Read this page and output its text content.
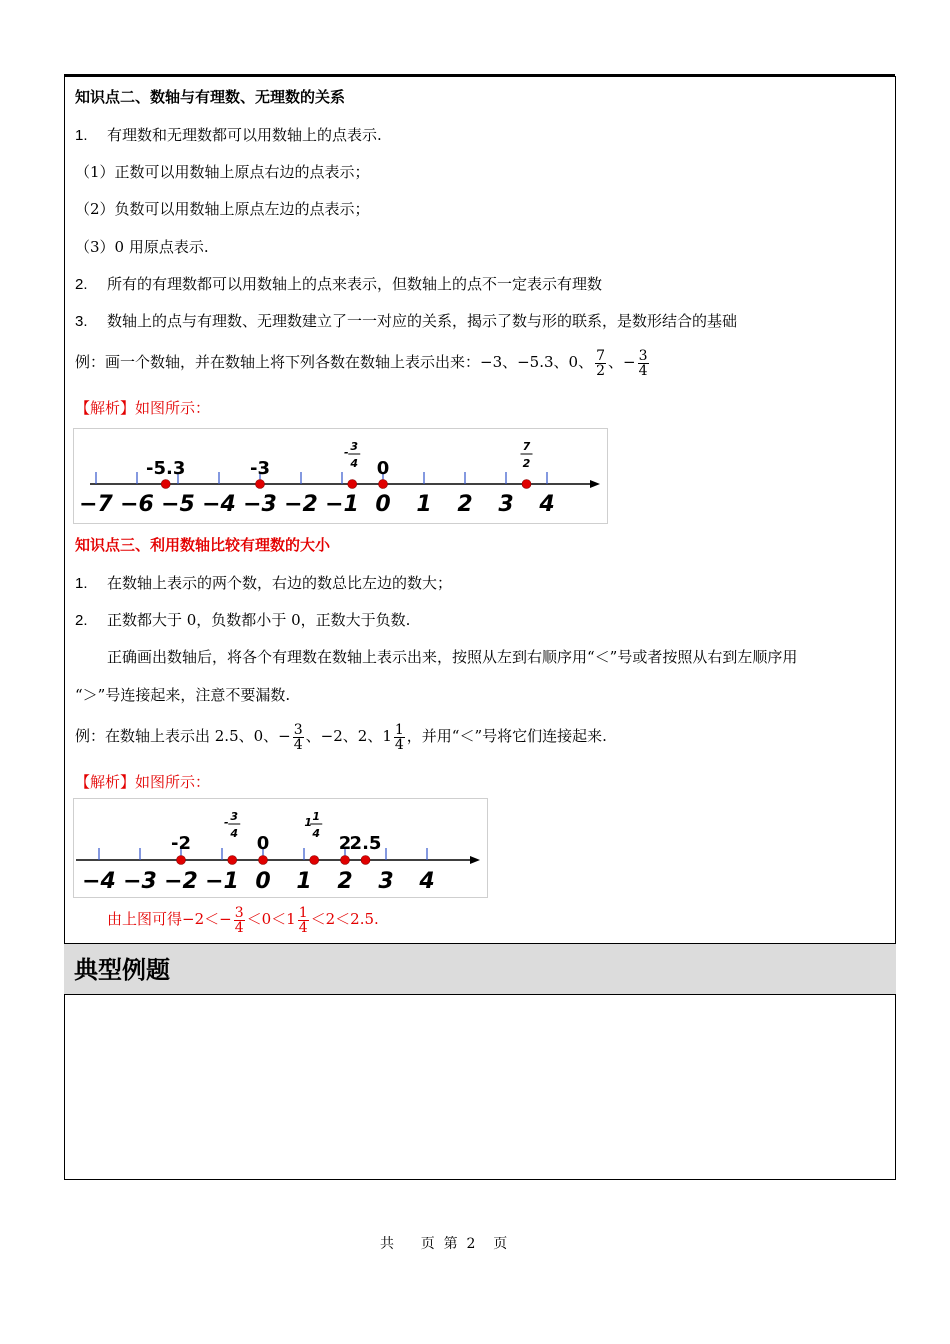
知识点二、数轴与有理数、无理数的关系
1. 有理数和无理数都可以用数轴上的点表示.
（1）正数可以用数轴上原点右边的点表示；
（2）负数可以用数轴上原点左边的点表示；
（3）0 用原点表示.
2. 所有的有理数都可以用数轴上的点来表示，但数轴上的点不一定表示有理数
3. 数轴上的点与有理数、无理数建立了一一对应的关系，揭示了数与形的联系，是数形结合的基础
例：画一个数轴，并在数轴上将下列各数在数轴上表示出来：−3、−5.3、0、 $\frac{7}{2}$ 、− $\frac{3}{4}$
【解析】如图所示：
−7 −6 −5 −4 −3 −2 −1 0 1 2 3 4
-5.3	-3
- 3
4 0
7
2
知识点三、利用数轴比较有理数的大小
1. 在数轴上表示的两个数，右边的数总比左边的数大；
2. 正数都大于 0，负数都小于 0，正数大于负数.
正确画出数轴后，将各个有理数在数轴上表示出来，按照从左到右顺序用“＜”号或者按照从右到左顺序用
“＞”号连接起来，注意不要漏数.
例：在数轴上表示出 2.5、0、− $\frac{3}{4}$ 、−2、2、$1 \frac{1}{4}$ ，并用“＜”号将它们连接起来.
【解析】如图所示：
−4 −3 −2 −1 0 1 2 3 4
-2
- 3
4 0
1 1
4 2
2.5
由上图可得$-2<- \frac{3}{4} <0<1 \frac{1}{4} <2<2.5$.
典型例题
共      页  第  2    页
